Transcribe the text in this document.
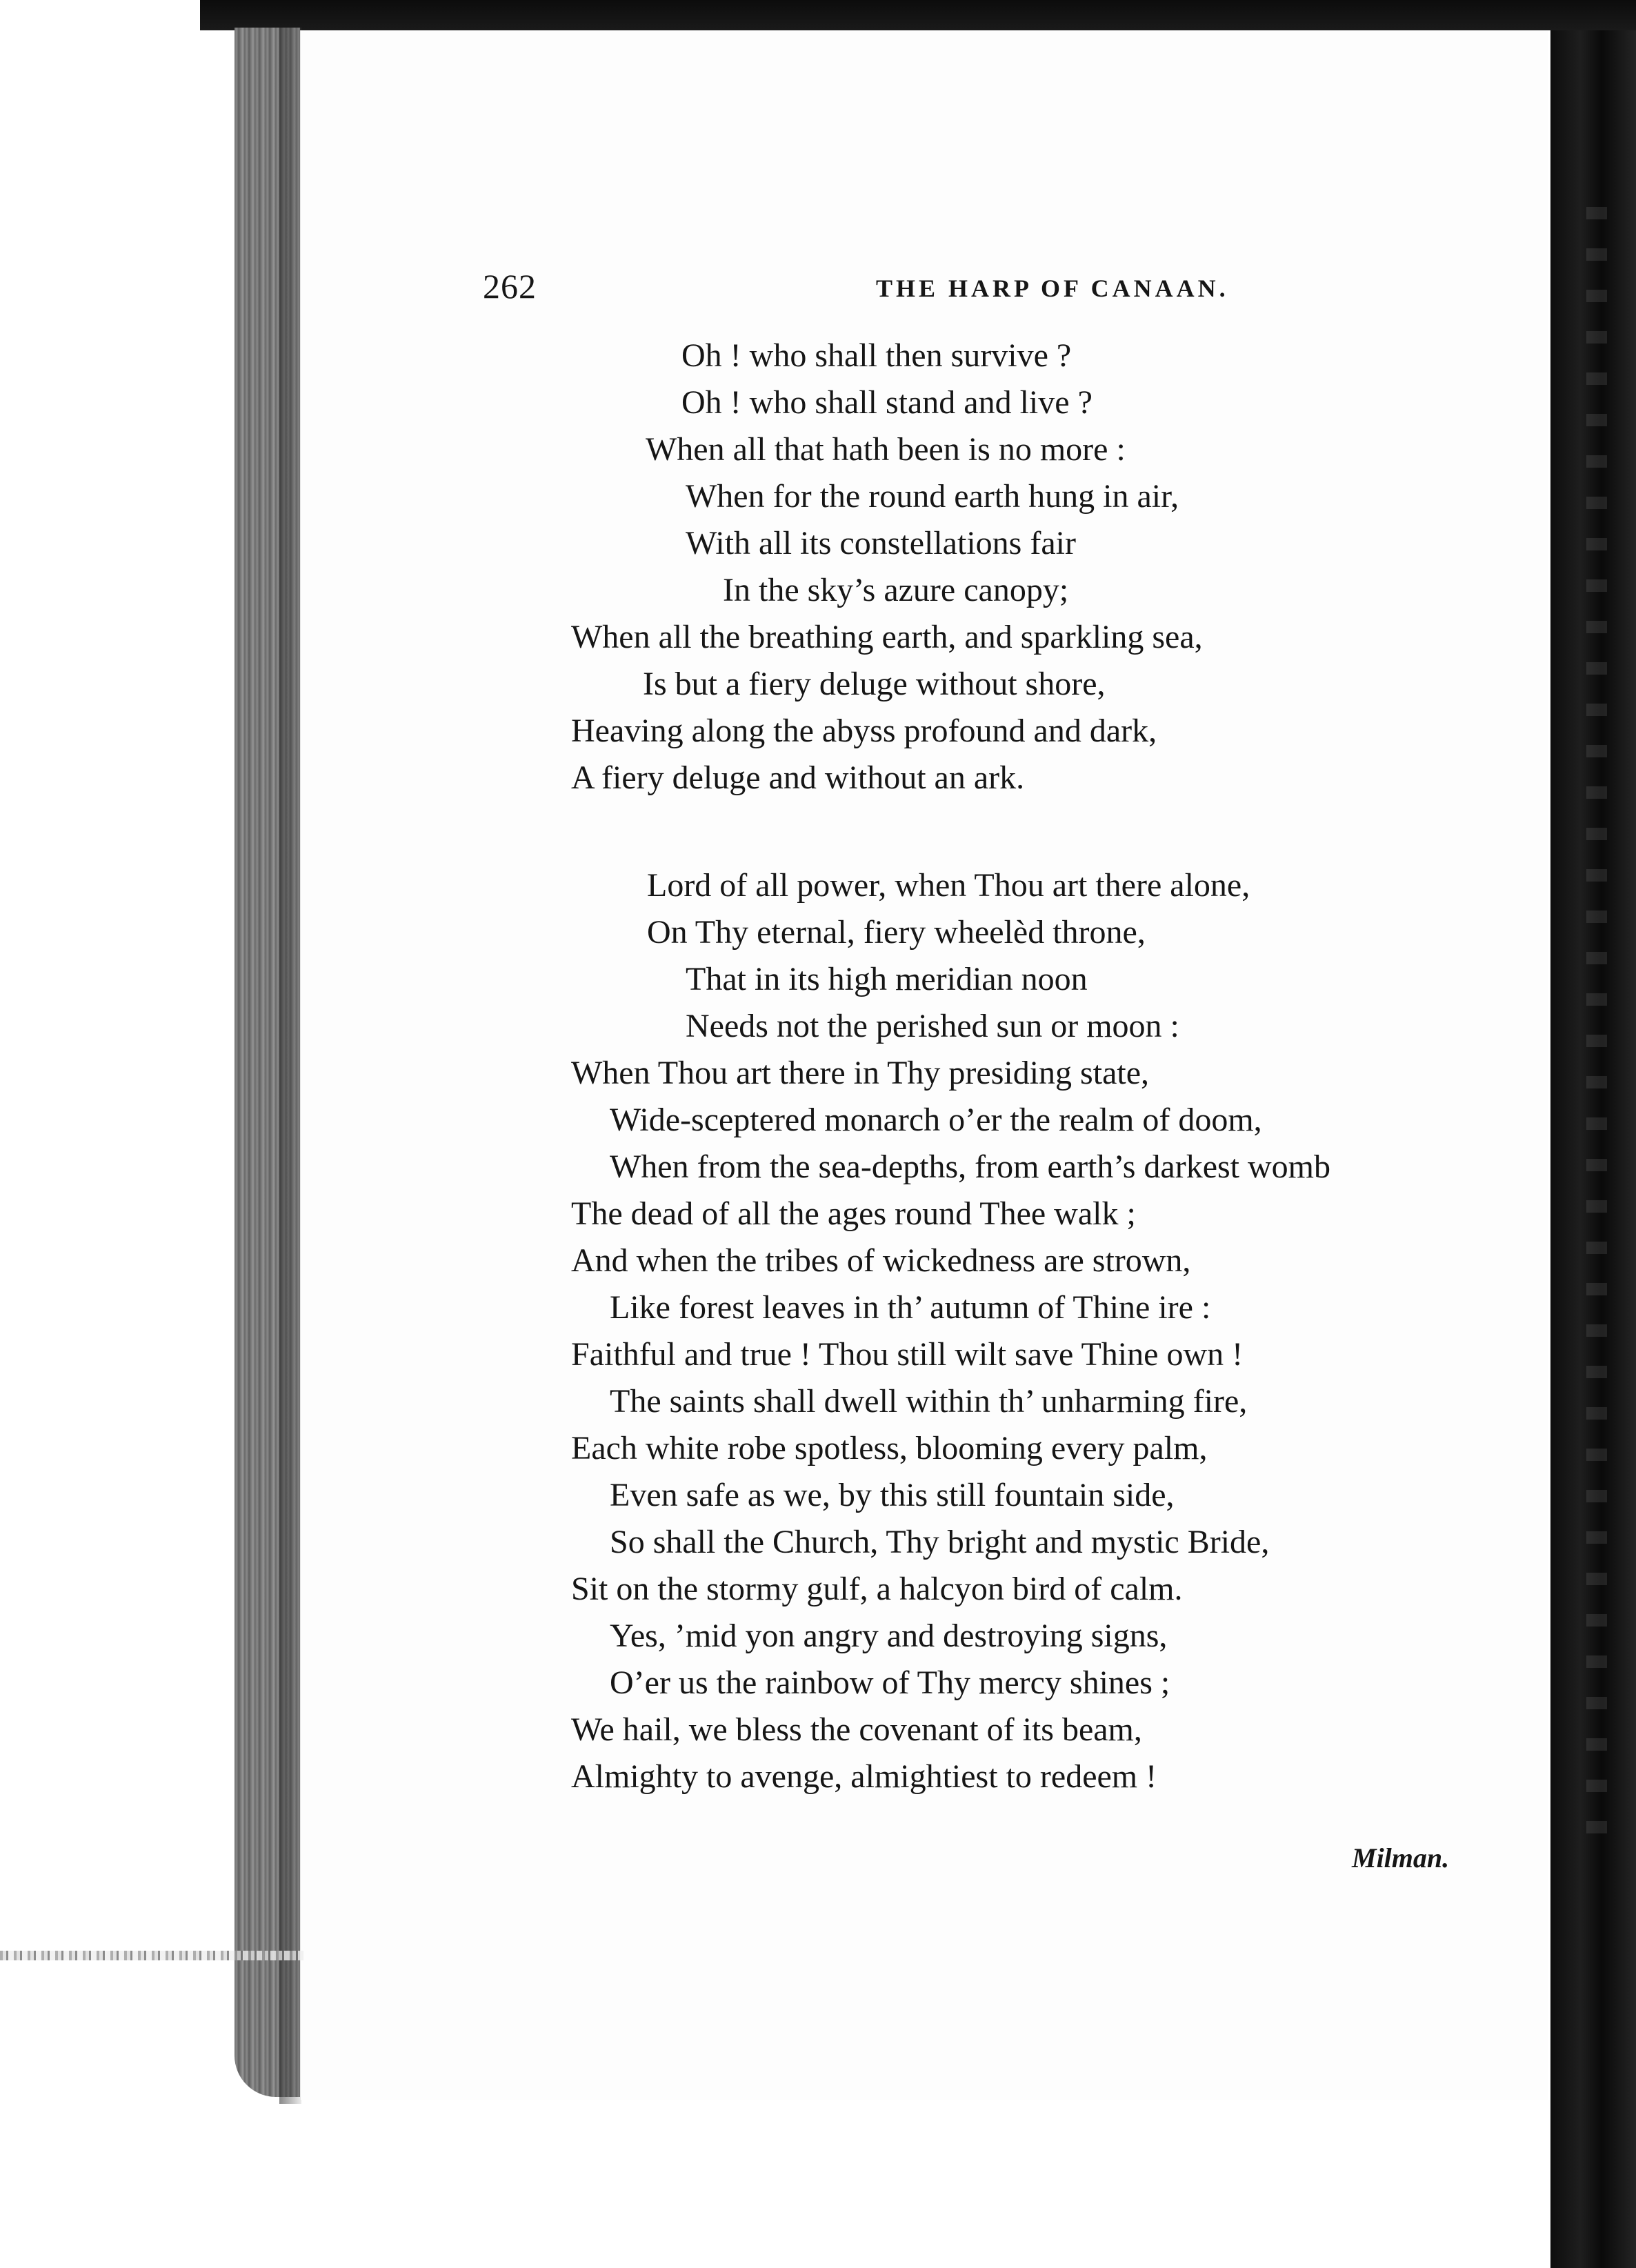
262	THE HARP OF CANAAN.
Oh ! who shall then survive ?
Oh ! who shall stand and live ?
When all that hath been is no more :
When for the round earth hung in air,
With all its constellations fair
In the sky’s azure canopy;
When all the breathing earth, and sparkling sea,
Is but a fiery deluge without shore,
Heaving along the abyss profound and dark,
A fiery deluge and without an ark.
Lord of all power, when Thou art there alone,
On Thy eternal, fiery wheelèd throne,
That in its high meridian noon
Needs not the perished sun or moon :
When Thou art there in Thy presiding state,
Wide-sceptered monarch o’er the realm of doom,
When from the sea-depths, from earth’s darkest womb
The dead of all the ages round Thee walk ;
And when the tribes of wickedness are strown,
Like forest leaves in th’ autumn of Thine ire :
Faithful and true ! Thou still wilt save Thine own !
The saints shall dwell within th’ unharming fire,
Each white robe spotless, blooming every palm,
Even safe as we, by this still fountain side,
So shall the Church, Thy bright and mystic Bride,
Sit on the stormy gulf, a halcyon bird of calm.
Yes, ’mid yon angry and destroying signs,
O’er us the rainbow of Thy mercy shines ;
We hail, we bless the covenant of its beam,
Almighty to avenge, almightiest to redeem !
Milman.
